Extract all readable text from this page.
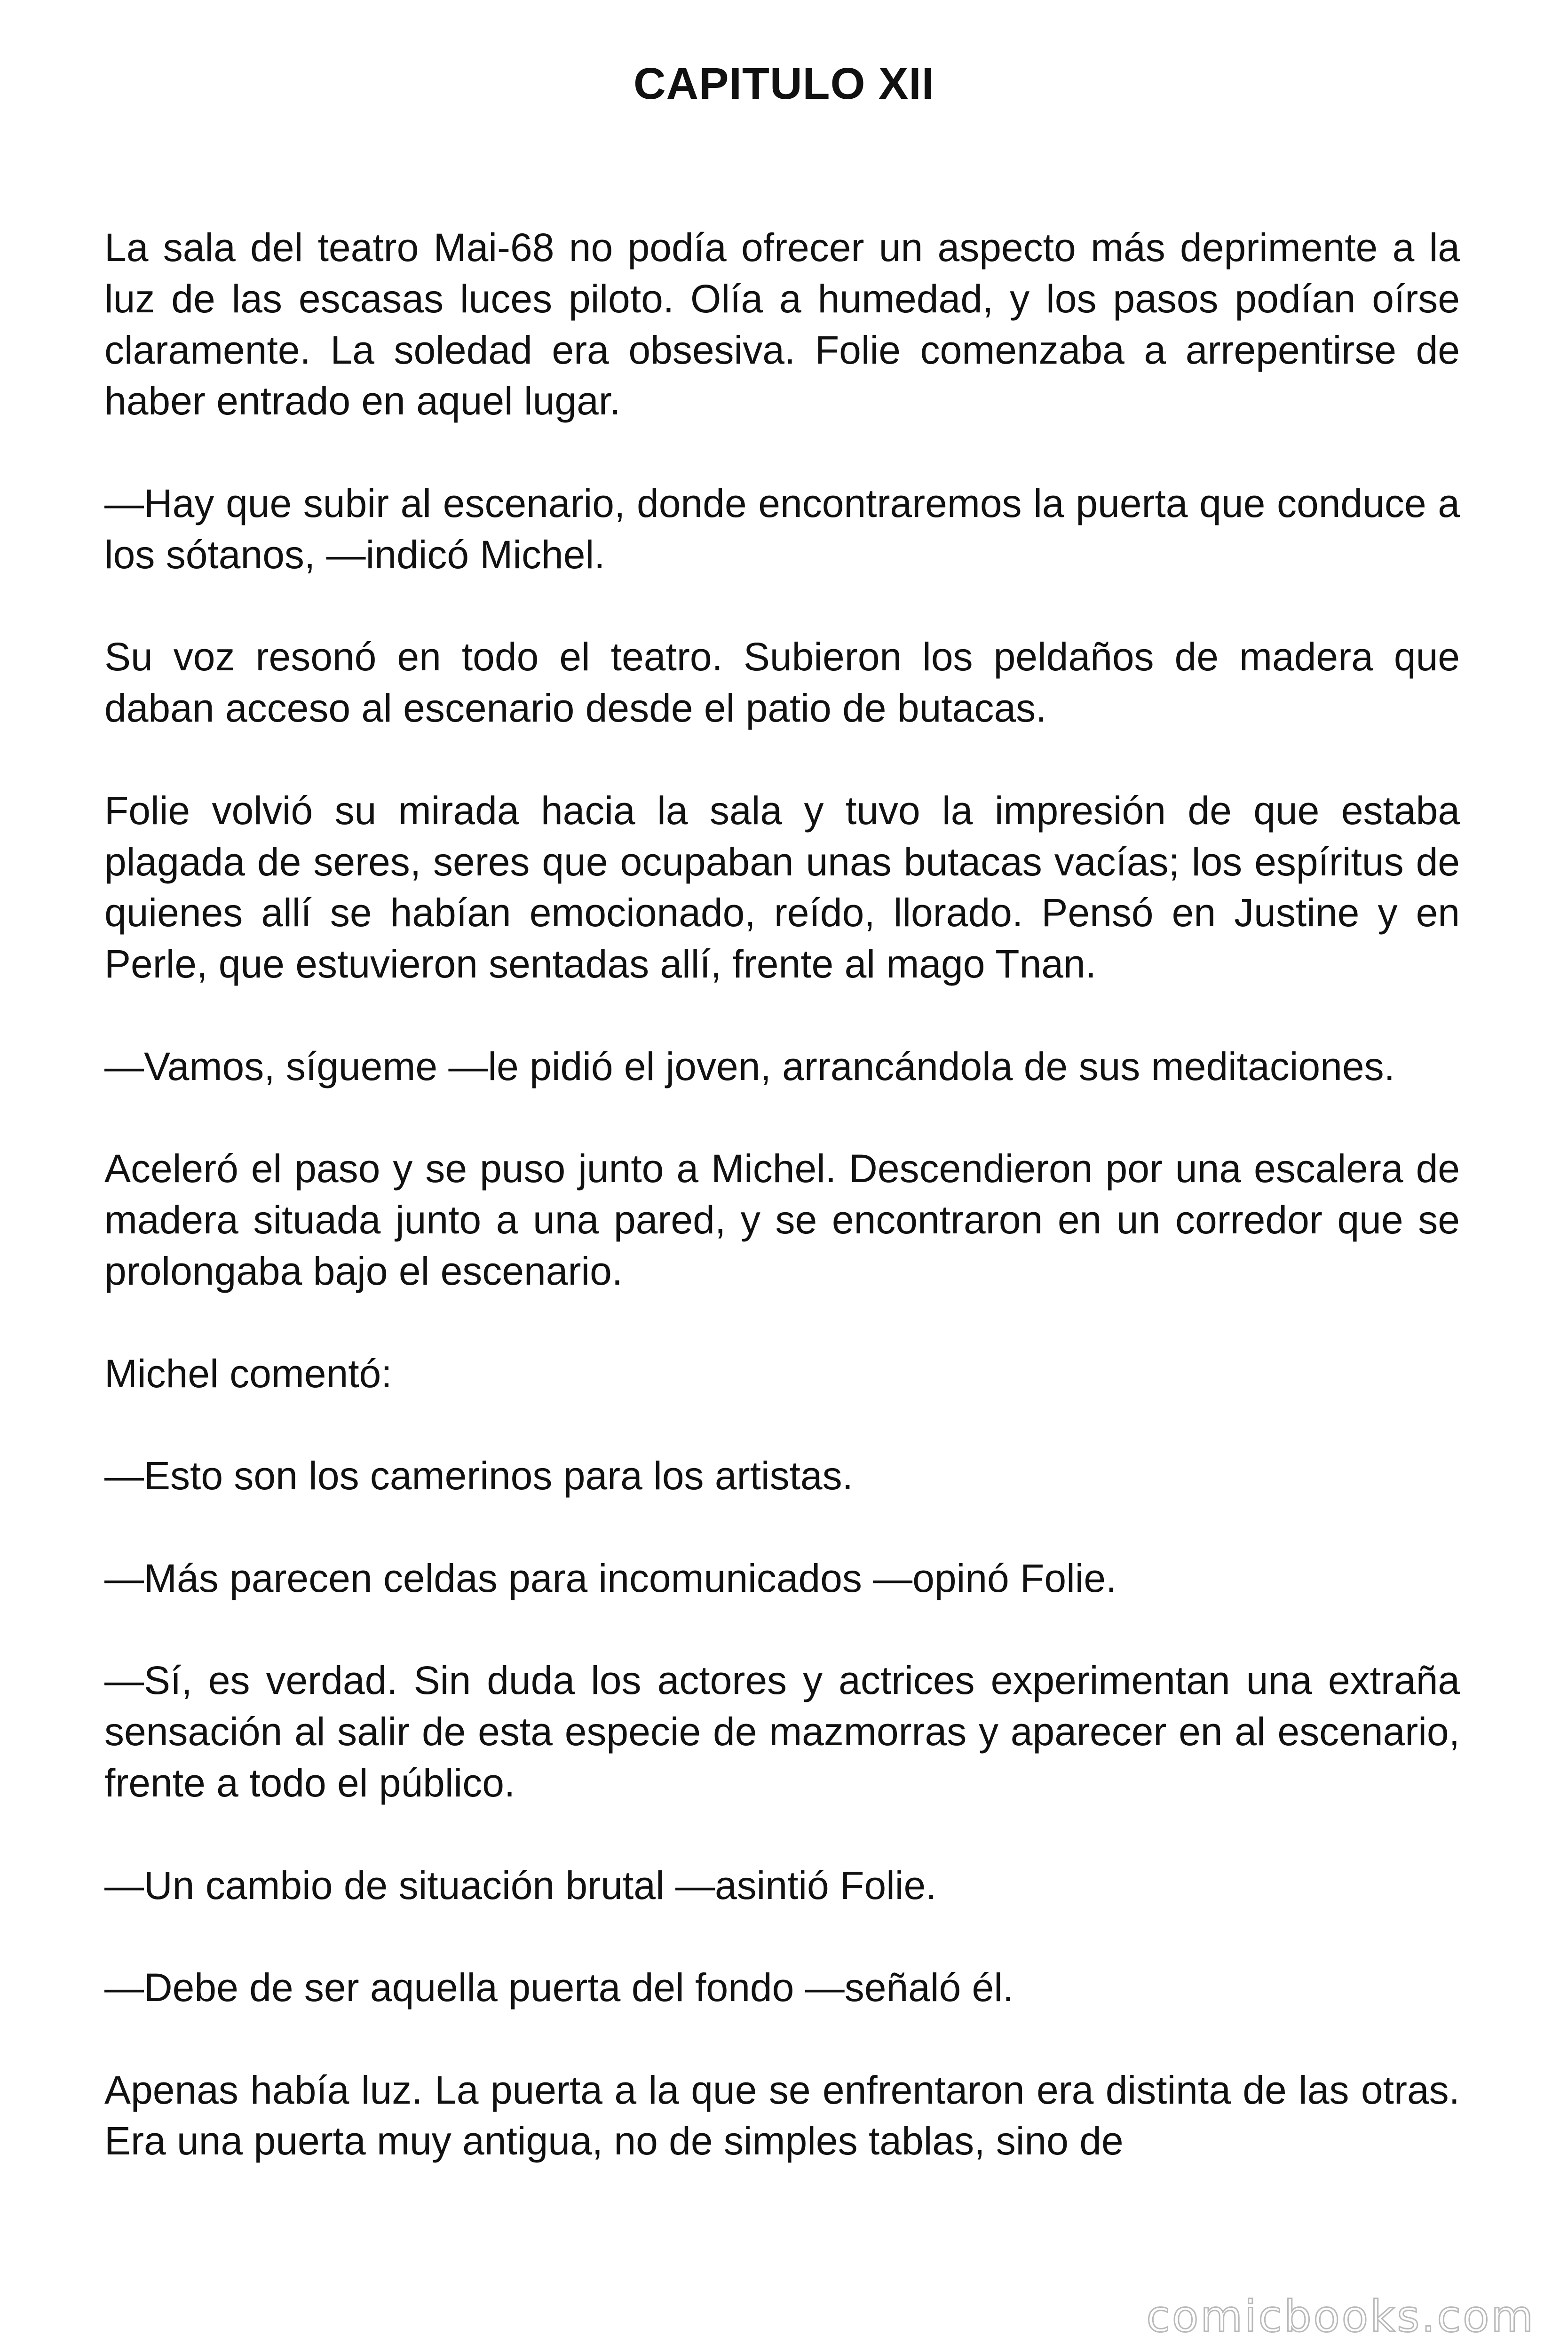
CAPITULO XII

La sala del teatro Mai-68 no podía ofrecer un aspecto más deprimente a la luz de las escasas luces piloto. Olía a humedad, y los pasos podían oírse claramente. La soledad era obsesiva. Folie comenzaba a arrepentirse de haber entrado en aquel lugar.

—Hay que subir al escenario, donde encontraremos la puerta que conduce a los sótanos, —indicó Michel.

Su voz resonó en todo el teatro. Subieron los peldaños de madera que daban acceso al escenario desde el patio de butacas.

Folie volvió su mirada hacia la sala y tuvo la impresión de que estaba plagada de seres, seres que ocupaban unas butacas vacías; los espíritus de quienes allí se habían emocionado, reído, llorado. Pensó en Justine y en Perle, que estuvieron sentadas allí, frente al mago Tnan.

—Vamos, sígueme —le pidió el joven, arrancándola de sus meditaciones.

Aceleró el paso y se puso junto a Michel. Descendieron por una escalera de madera situada junto a una pared, y se encontraron en un corredor que se prolongaba bajo el escenario.

Michel comentó:

—Esto son los camerinos para los artistas.

—Más parecen celdas para incomunicados —opinó Folie.

—Sí, es verdad. Sin duda los actores y actrices experimentan una extraña sensación al salir de esta especie de mazmorras y aparecer en al escenario, frente a todo el público.

—Un cambio de situación brutal —asintió Folie.

—Debe de ser aquella puerta del fondo —señaló él.

Apenas había luz. La puerta a la que se enfrentaron era distinta de las otras. Era una puerta muy antigua, no de simples tablas, sino de

comicbooks.com
